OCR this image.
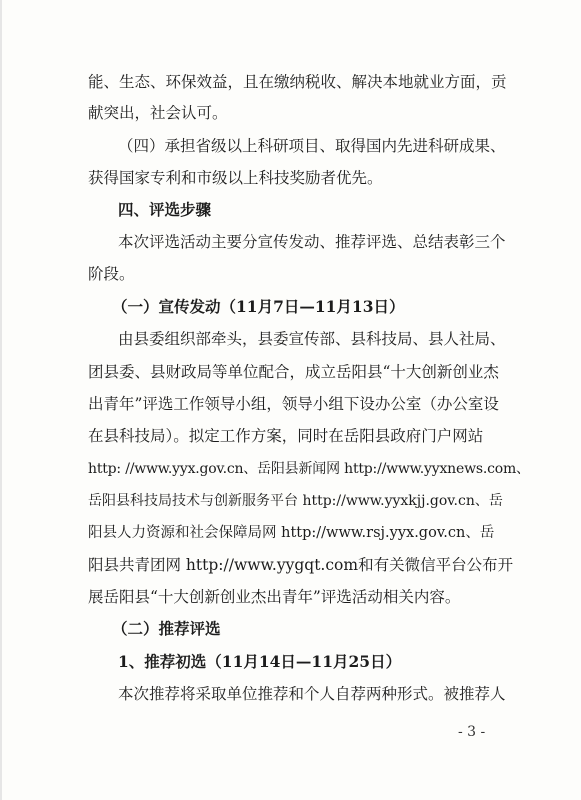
能、生态、环保效益，且在缴纳税收、解决本地就业方面，贡
献突出，社会认可。
（四）承担省级以上科研项目、取得国内先进科研成果、
获得国家专利和市级以上科技奖励者优先。
四、评选步骤
本次评选活动主要分宣传发动、推荐评选、总结表彰三个
阶段。
（一）宣传发动（11月7日—11月13日）
由县委组织部牵头，县委宣传部、县科技局、县人社局、
团县委、县财政局等单位配合，成立岳阳县“十大创新创业杰
出青年”评选工作领导小组，领导小组下设办公室（办公室设
在县科技局）。拟定工作方案，同时在岳阳县政府门户网站
http: //www.yyx.gov.cn、岳阳县新闻网 http://www.yyxnews.com、
岳阳县科技局技术与创新服务平台 http://www.yyxkjj.gov.cn、岳
阳县人力资源和社会保障局网 http://www.rsj.yyx.gov.cn、岳
阳县共青团网 http://www.yygqt.com和有关微信平台公布开
展岳阳县“十大创新创业杰出青年”评选活动相关内容。
（二）推荐评选
1、推荐初选（11月14日—11月25日）
本次推荐将采取单位推荐和个人自荐两种形式。被推荐人
- 3 -
